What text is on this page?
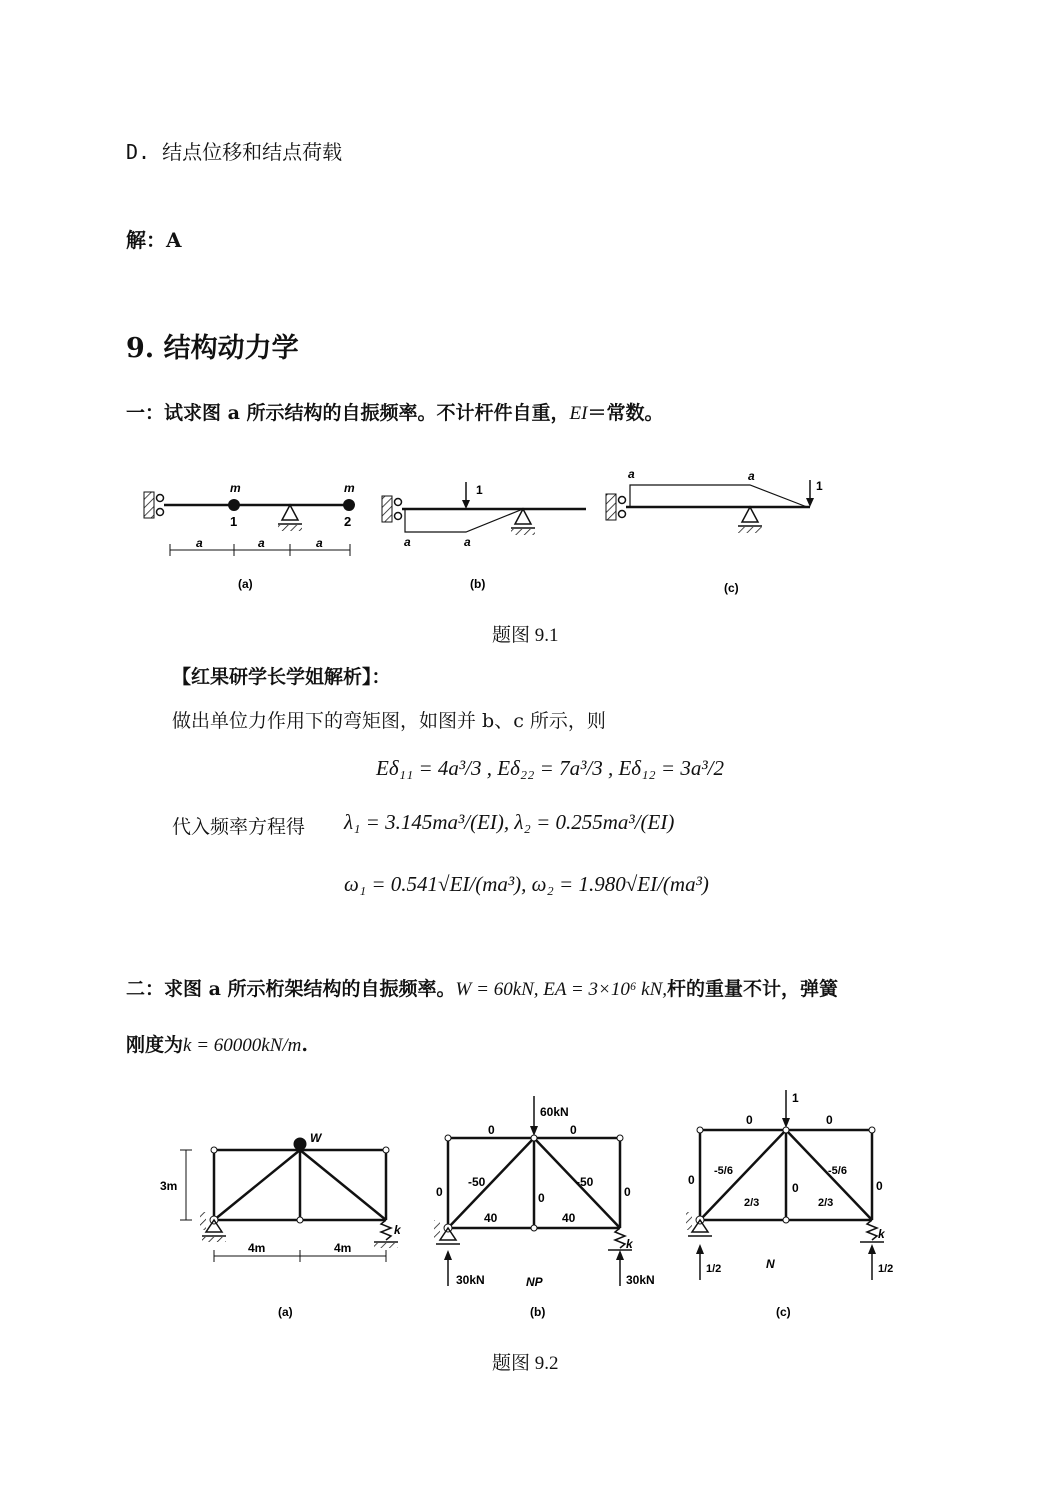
D. 结点位移和结点荷载
解：A
9. 结构动力学
一：试求图 a 所示结构的自振频率。不计杆件自重，EI＝常数。
m	m
1	2
a	a	a
(a)
1
a	a
(b)
1
a	a
(c)
题图 9.1
【红果研学长学姐解析】：
做出单位力作用下的弯矩图，如图并 b、c 所示，则
Eδ₁₁ = 4a³/3 , Eδ₂₂ = 7a³/3 , Eδ₁₂ = 3a³/2
代入频率方程得 λ₁ = 3.145ma³/(EI), λ₂ = 0.255ma³/(EI)
ω₁ = 0.541√EI/(ma³), ω₂ = 1.980√EI/(ma³)
二：求图 a 所示桁架结构的自振频率。W = 60kN, EA = 3×10⁶ kN,杆的重量不计，弹簧
刚度为k = 60000kN/m.
W
3m
4m	4m
k
(a)
60kN
30kN	30kN
NP
k
0	0
0	0
0
-50	-50
40	40
(b)
1
0	0
0	0
0
-5/6	-5/6
2/3	2/3
1/2	1/2
N
k
(c)
题图 9.2
